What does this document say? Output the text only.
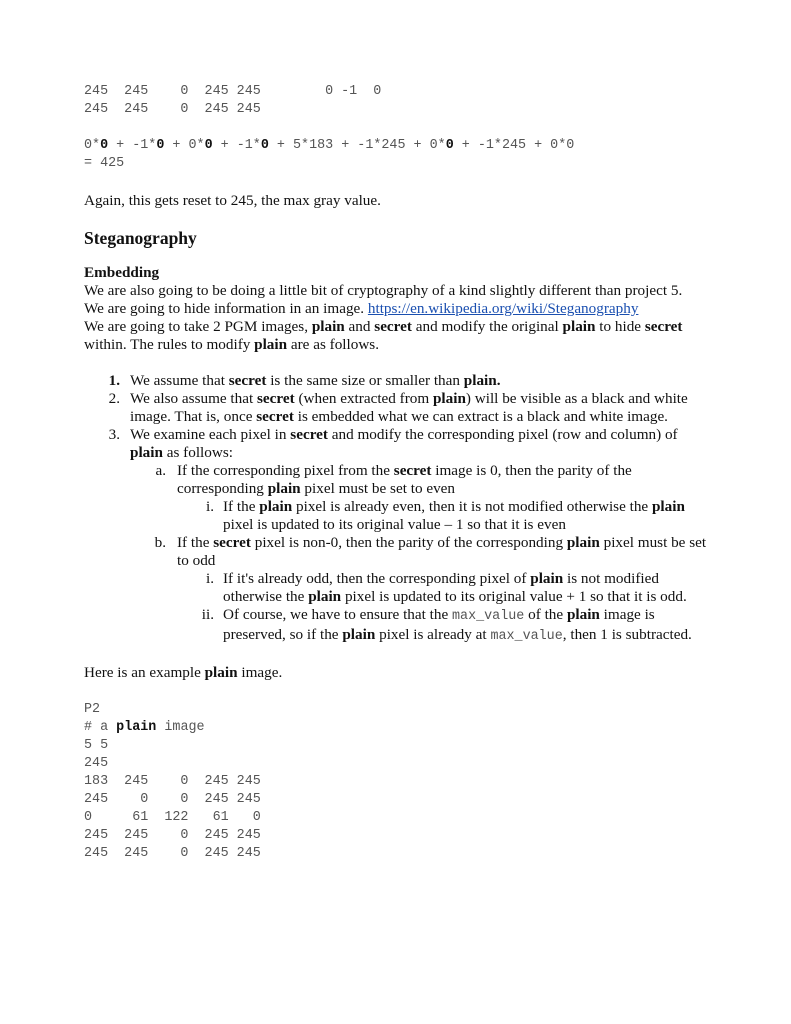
245  245    0  245 245        0 -1  0
245  245    0  245 245
0*0 + -1*0 + 0*0 + -1*0 + 5*183 + -1*245 + 0*0 + -1*245 + 0*0
= 425

Again, this gets reset to 245, the max gray value.

Steganography
Embedding

We are also going to be doing a little bit of cryptography of a kind slightly different than project 5.

We are going to hide information in an image. https://en.wikipedia.org/wiki/Steganography

We are going to take 2 PGM images, plain and secret and modify the original plain to hide secret within. The rules to modify plain are as follows.

1. We assume that secret is the same size or smaller than plain.
2. We also assume that secret (when extracted from plain) will be visible as a black and white image. That is, once secret is embedded what we can extract is a black and white image.
3. We examine each pixel in secret and modify the corresponding pixel (row and column) of plain as follows:
a. If the corresponding pixel from the secret image is 0, then the parity of the corresponding plain pixel must be set to even
i. If the plain pixel is already even, then it is not modified otherwise the plain pixel is updated to its original value – 1 so that it is even
b. If the secret pixel is non-0, then the parity of the corresponding plain pixel must be set to odd
i. If it's already odd, then the corresponding pixel of plain is not modified otherwise the plain pixel is updated to its original value + 1 so that it is odd.
ii. Of course, we have to ensure that the max_value of the plain image is preserved, so if the plain pixel is already at max_value, then 1 is subtracted.

Here is an example plain image.

P2
# a plain image
5 5
245
183  245    0  245 245
245    0    0  245 245
0     61  122   61   0
245  245    0  245 245
245  245    0  245 245
